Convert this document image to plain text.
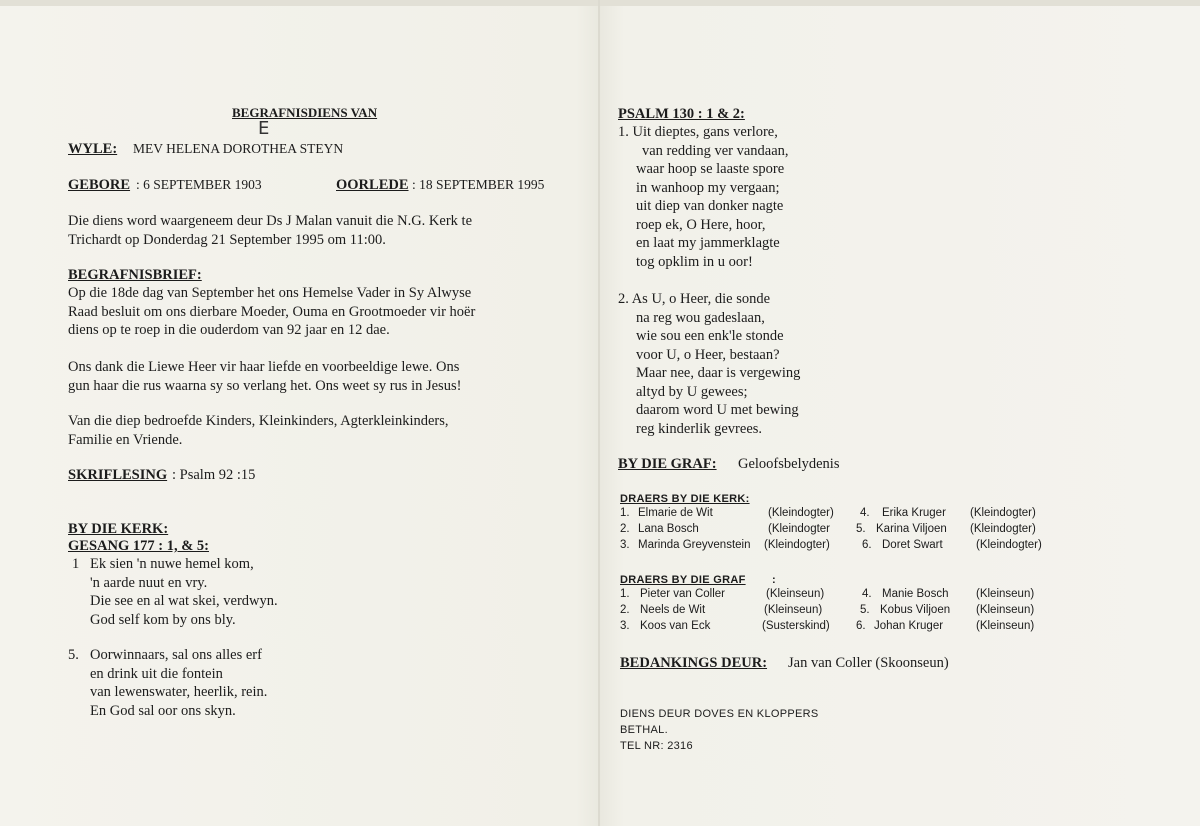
BEGRAFNISDIENS VAN
WYLE: MEV HELENA DOROTHEA STEYN
E
GEBORE : 6 SEPTEMBER 1903	OORLEDE : 18 SEPTEMBER 1995
Die diens word waargeneem deur Ds J Malan vanuit die N.G. Kerk te
Trichardt op Donderdag 21 September 1995 om 11:00.
BEGRAFNISBRIEF:
Op die 18de dag van September het ons Hemelse Vader in Sy Alwyse
Raad besluit om ons dierbare Moeder, Ouma en Grootmoeder vir hoër
diens op te roep in die ouderdom van 92 jaar en 12 dae.
Ons dank die Liewe Heer vir haar liefde en voorbeeldige lewe. Ons
gun haar die rus waarna sy so verlang het. Ons weet sy rus in Jesus!
Van die diep bedroefde Kinders, Kleinkinders, Agterkleinkinders,
Familie en Vriende.
SKRIFLESING : Psalm 92 :15
BY DIE KERK:
GESANG 177 : 1, & 5:
1 Ek sien 'n nuwe hemel kom,
'n aarde nuut en vry.
Die see en al wat skei, verdwyn.
God self kom by ons bly.
5. Oorwinnaars, sal ons alles erf
en drink uit die fontein
van lewenswater, heerlik, rein.
En God sal oor ons skyn.
PSALM 130 : 1 & 2:
1. Uit dieptes, gans verlore,
van redding ver vandaan,
waar hoop se laaste spore
in wanhoop my vergaan;
uit diep van donker nagte
roep ek, O Here, hoor,
en laat my jammerklagte
tog opklim in u oor!
2. As U, o Heer, die sonde
na reg wou gadeslaan,
wie sou een enk'le stonde
voor U, o Heer, bestaan?
Maar nee, daar is vergewing
altyd by U gewees;
daarom word U met bewing
reg kinderlik gevrees.
BY DIE GRAF: Geloofsbelydenis
DRAERS BY DIE KERK:
1. Elmarie de Wit	(Kleindogter) 4. Erika Kruger (Kleindogter)
2. Lana Bosch	(Kleindogter 5. Karina Viljoen (Kleindogter)
3. Marinda Greyvenstein (Kleindogter)	6. Doret Swart	(Kleindogter)
DRAERS BY DIE GRAF :
1. Pieter van Coller	(Kleinseun)	4. Manie Bosch (Kleinseun)
2. Neels de Wit	(Kleinseun)	5. Kobus Viljoen (Kleinseun)
3. Koos van Eck	(Susterskind) 6. Johan Kruger	(Kleinseun)
BEDANKINGS DEUR: Jan van Coller (Skoonseun)
DIENS DEUR DOVES EN KLOPPERS
BETHAL.
TEL NR: 2316
